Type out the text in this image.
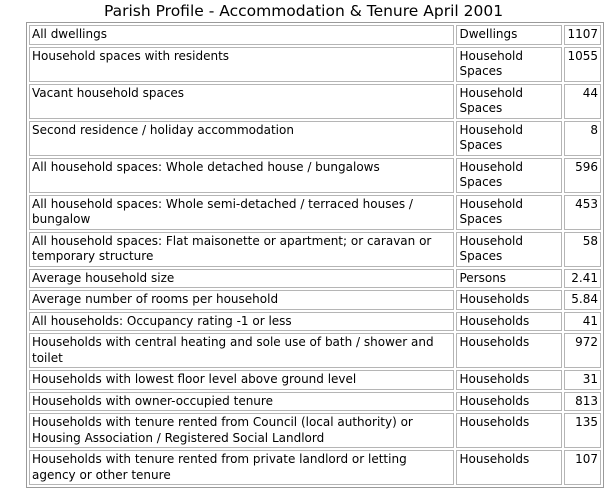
Parish Profile - Accommodation & Tenure April 2001
All dwellings	Dwellings	1107
Household spaces with residents	Household Spaces	1055
Vacant household spaces	Household Spaces	44
Second residence / holiday accommodation	Household Spaces	8
All household spaces: Whole detached house / bungalows	Household Spaces	596
All household spaces: Whole semi-detached / terraced houses / bungalow	Household Spaces	453
All household spaces: Flat maisonette or apartment; or caravan or temporary structure	Household Spaces	58
Average household size	Persons	2.41
Average number of rooms per household	Households	5.84
All households: Occupancy rating -1 or less	Households	41
Households with central heating and sole use of bath / shower and toilet	Households	972
Households with lowest floor level above ground level	Households	31
Households with owner-occupied tenure	Households	813
Households with tenure rented from Council (local authority) or Housing Association / Registered Social Landlord	Households	135
Households with tenure rented from private landlord or letting agency or other tenure	Households	107
